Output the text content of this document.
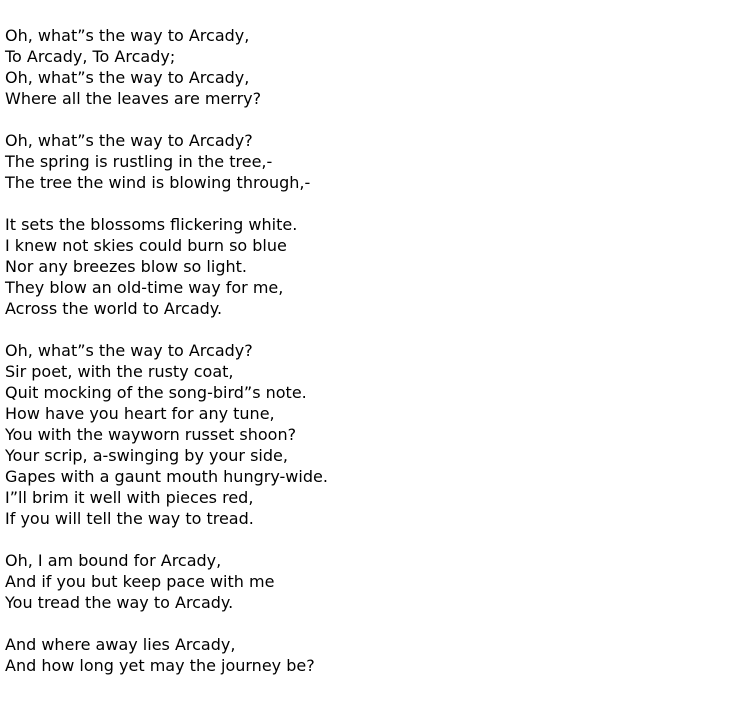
Oh, what”s the way to Arcady,
To Arcady, To Arcady;
Oh, what”s the way to Arcady,
Where all the leaves are merry?
Oh, what”s the way to Arcady?
The spring is rustling in the tree,-
The tree the wind is blowing through,-
It sets the blossoms flickering white.
I knew not skies could burn so blue
Nor any breezes blow so light.
They blow an old-time way for me,
Across the world to Arcady.
Oh, what”s the way to Arcady?
Sir poet, with the rusty coat,
Quit mocking of the song-bird”s note.
How have you heart for any tune,
You with the wayworn russet shoon?
Your scrip, a-swinging by your side,
Gapes with a gaunt mouth hungry-wide.
I”ll brim it well with pieces red,
If you will tell the way to tread.
Oh, I am bound for Arcady,
And if you but keep pace with me
You tread the way to Arcady.
And where away lies Arcady,
And how long yet may the journey be?
